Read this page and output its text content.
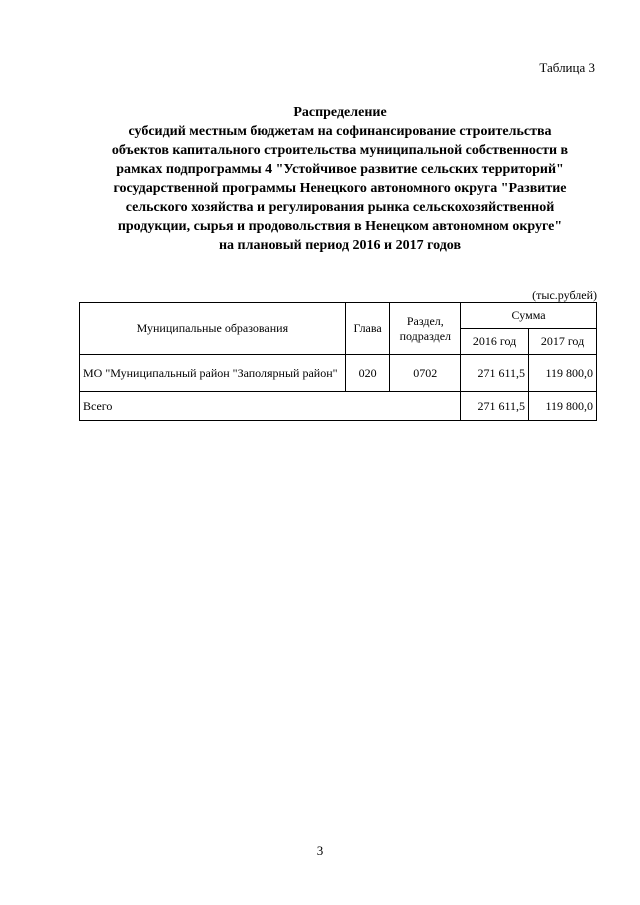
Таблица 3
Распределение
субсидий местным бюджетам на софинансирование строительства
объектов капитального строительства муниципальной собственности в
рамках подпрограммы 4 "Устойчивое развитие сельских территорий"
государственной программы Ненецкого автономного округа "Развитие
сельского хозяйства и регулирования рынка сельскохозяйственной
продукции, сырья и продовольствия в Ненецком автономном округе"
на плановый период 2016 и 2017 годов
(тыс.рублей)
Муниципальные образования	Глава	Раздел, подраздел	Сумма	
			2016 год	2017 год
МО "Муниципальный район "Заполярный район"	020	0702	271 611,5	119 800,0
Всего			271 611,5	119 800,0
3
